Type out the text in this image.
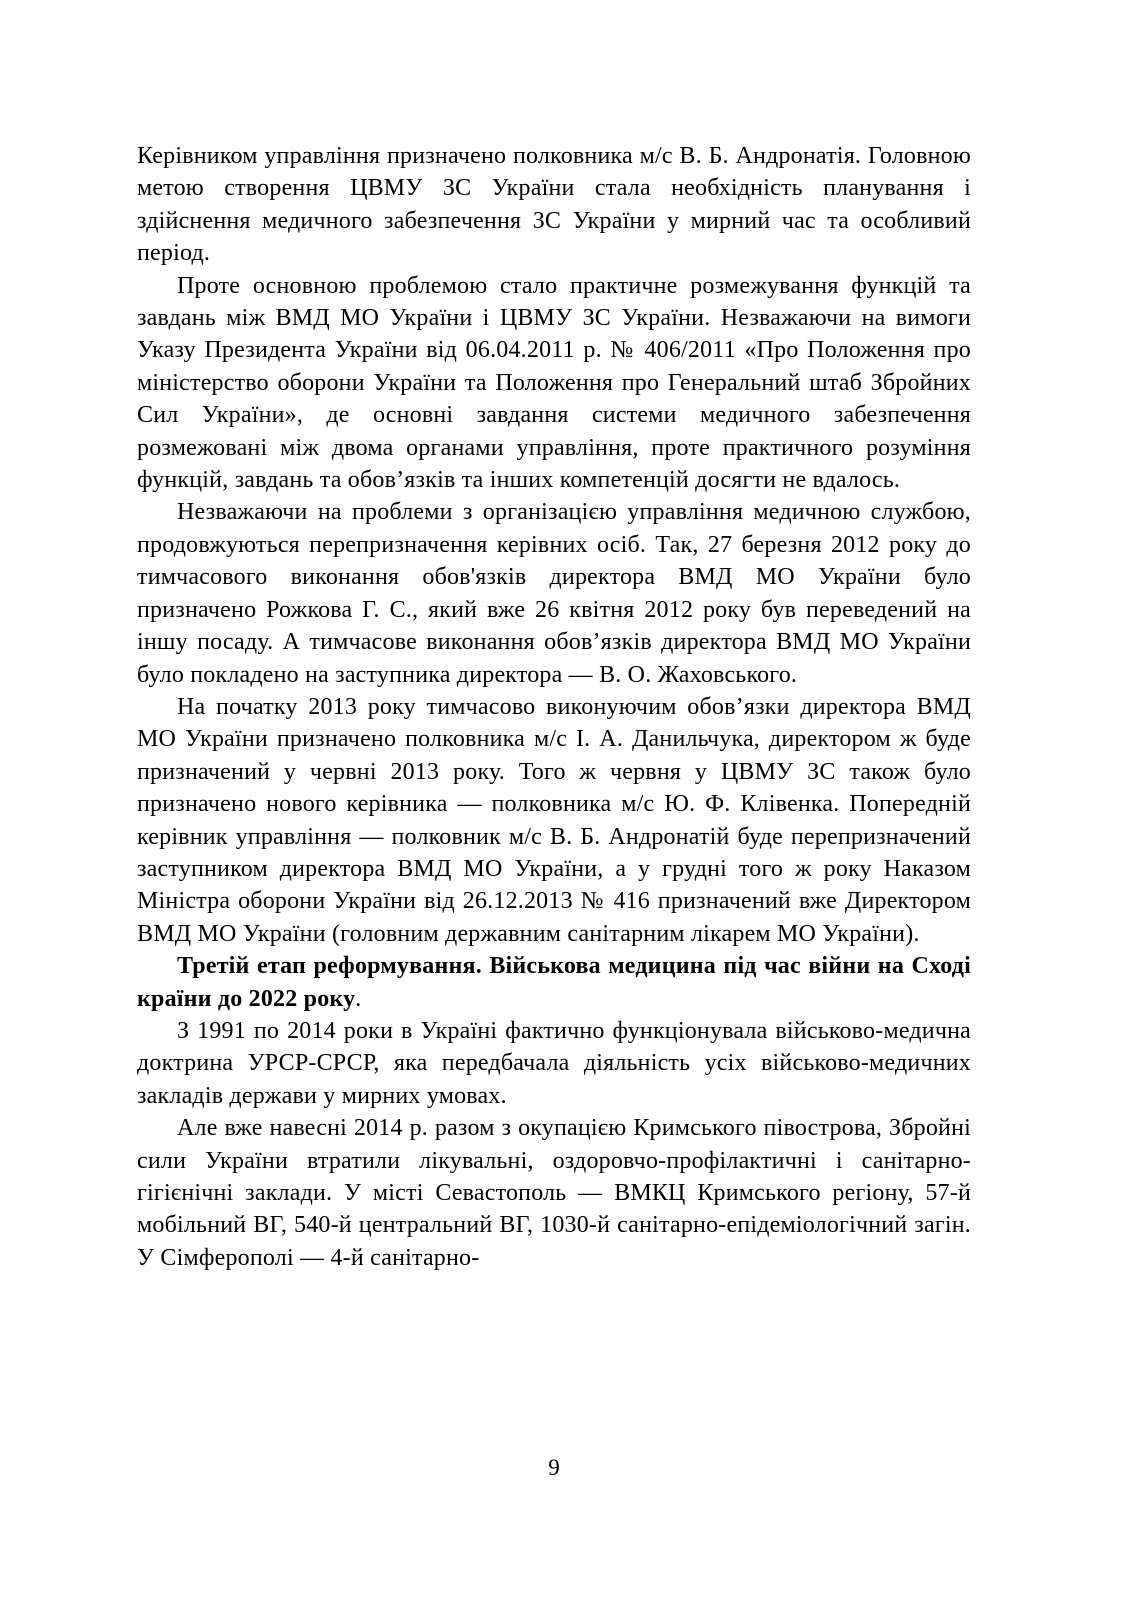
Керівником управління призначено полковника м/с В. Б. Андронатія. Головною метою створення ЦВМУ ЗС України стала необхідність планування і здійснення медичного забезпечення ЗС України у мирний час та особливий період.

Проте основною проблемою стало практичне розмежування функцій та завдань між ВМД МО України і ЦВМУ ЗС України. Незважаючи на вимоги Указу Президента України від 06.04.2011 р. № 406/2011 «Про Положення про міністерство оборони України та Положення про Генеральний штаб Збройних Сил України», де основні завдання системи медичного забезпечення розмежовані між двома органами управління, проте практичного розуміння функцій, завдань та обов’язків та інших компетенцій досягти не вдалось.

Незважаючи на проблеми з організацією управління медичною службою, продовжуються перепризначення керівних осіб. Так, 27 березня 2012 року до тимчасового виконання обов'язків директора ВМД МО України було призначено Рожкова Г. С., який вже 26 квітня 2012 року був переведений на іншу посаду. А тимчасове виконання обов’язків директора ВМД МО України було покладено на заступника директора — В. О. Жаховського.

На початку 2013 року тимчасово виконуючим обов’язки директора ВМД МО України призначено полковника м/с І. А. Данильчука, директором ж буде призначений у червні 2013 року. Того ж червня у ЦВМУ ЗС також було призначено нового керівника — полковника м/с Ю. Ф. Клівенка. Попередній керівник управління — полковник м/с В. Б. Андронатій буде перепризначений заступником директора ВМД МО України, а у грудні того ж року Наказом Міністра оборони України від 26.12.2013 № 416 призначений вже Директором ВМД МО України (головним державним санітарним лікарем МО України).

Третій етап реформування. Військова медицина під час війни на Сході країни до 2022 року.

З 1991 по 2014 роки в Україні фактично функціонувала військово-медична доктрина УРСР-СРСР, яка передбачала діяльність усіх військово-медичних закладів держави у мирних умовах.

Але вже навесні 2014 р. разом з окупацією Кримського півострова, Збройні сили України втратили лікувальні, оздоровчо-профілактичні і санітарно-гігієнічні заклади. У місті Севастополь — ВМКЦ Кримського регіону, 57-й мобільний ВГ, 540-й центральний ВГ, 1030-й санітарно-епідеміологічний загін. У Сімферополі — 4-й санітарно-

9
